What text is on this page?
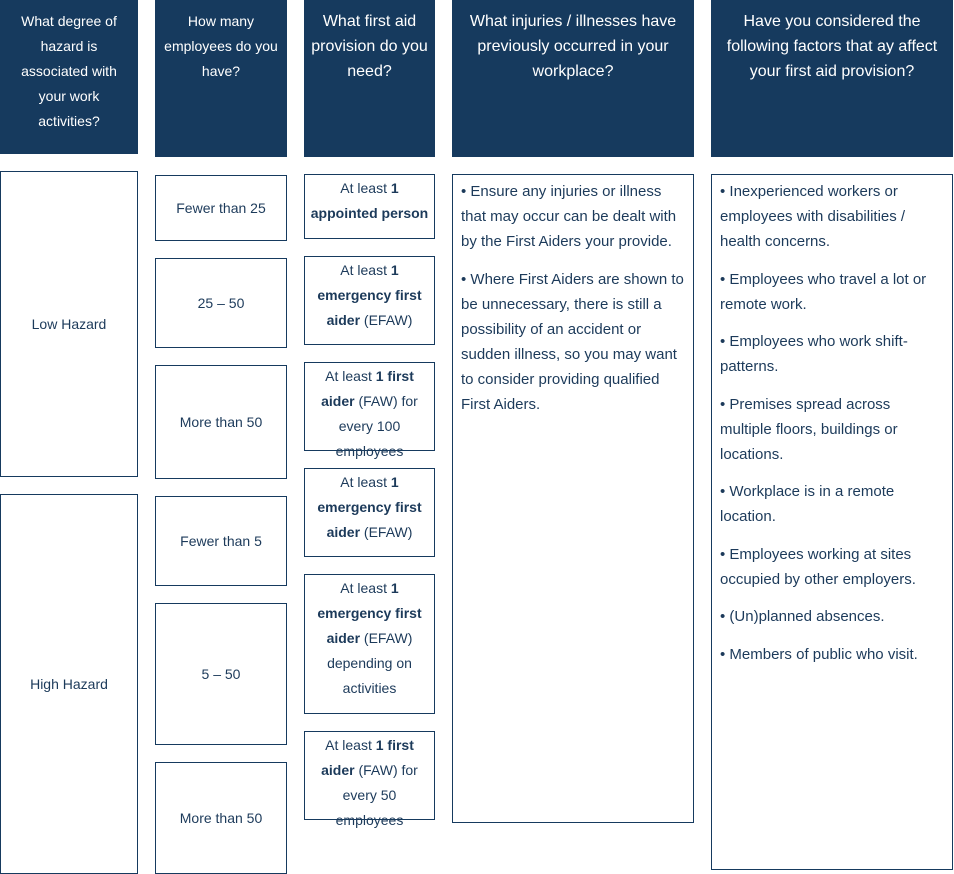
What degree of hazard is associated with your work activities?
How many employees do you have?
What first aid provision do you need?
What injuries / illnesses have previously occurred in your workplace?
Have you considered the following factors that ay affect your first aid provision?
Low Hazard
High Hazard
Fewer than 25
25 – 50
More than 50
Fewer than 5
5 – 50
More than 50
At least 1 appointed person
At least 1 emergency first aider (EFAW)
At least 1 first aider (FAW) for every 100 employees
At least 1 emergency first aider (EFAW)
At least 1 emergency first aider (EFAW) depending on activities
At least 1 first aider (FAW) for every 50 employees

• Ensure any injuries or illness that may occur can be dealt with by the First Aiders your provide.

• Where First Aiders are shown to be unnecessary, there is still a possibility of an accident or sudden illness, so you may want to consider providing qualified First Aiders.

• Inexperienced workers or employees with disabilities / health concerns.

• Employees who travel a lot or remote work.

• Employees who work shift-patterns.

• Premises spread across multiple floors, buildings or locations.

• Workplace is in a remote location.

• Employees working at sites occupied by other employers.

• (Un)planned absences.

• Members of public who visit.
